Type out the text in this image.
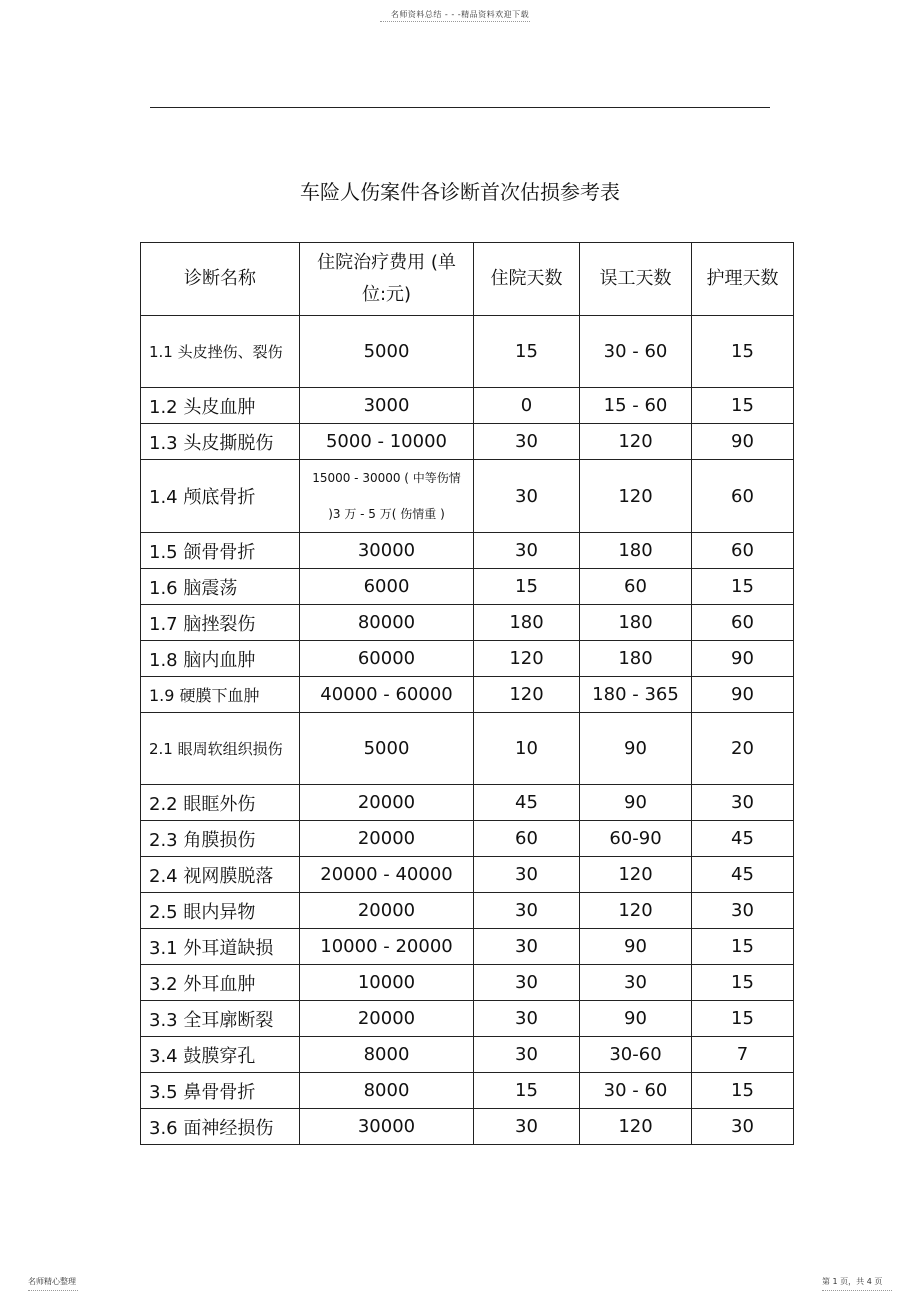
名师资料总结 - - -精品资料欢迎下载
车险人伤案件各诊断首次估损参考表
诊断名称	住院治疗费用 (单位:元)	住院天数	误工天数	护理天数
1.1 头皮挫伤、裂伤	5000	15	30 - 60	15
1.2 头皮血肿	3000	0	15 - 60	15
1.3 头皮撕脱伤	5000 - 10000	30	120	90
1.4 颅底骨折	15000 - 30000 ( 中等伤情 )3 万 - 5 万( 伤情重 )	30	120	60
1.5 颌骨骨折	30000	30	180	60
1.6 脑震荡	6000	15	60	15
1.7 脑挫裂伤	80000	180	180	60
1.8 脑内血肿	60000	120	180	90
1.9 硬膜下血肿	40000 - 60000	120	180 - 365	90
2.1 眼周软组织损伤	5000	10	90	20
2.2 眼眶外伤	20000	45	90	30
2.3 角膜损伤	20000	60	60-90	45
2.4 视网膜脱落	20000 - 40000	30	120	45
2.5 眼内异物	20000	30	120	30
3.1 外耳道缺损	10000 - 20000	30	90	15
3.2 外耳血肿	10000	30	30	15
3.3 全耳廓断裂	20000	30	90	15
3.4 鼓膜穿孔	8000	30	30-60	7
3.5 鼻骨骨折	8000	15	30 - 60	15
3.6 面神经损伤	30000	30	120	30
名师精心整理	第 1 页，共 4 页
